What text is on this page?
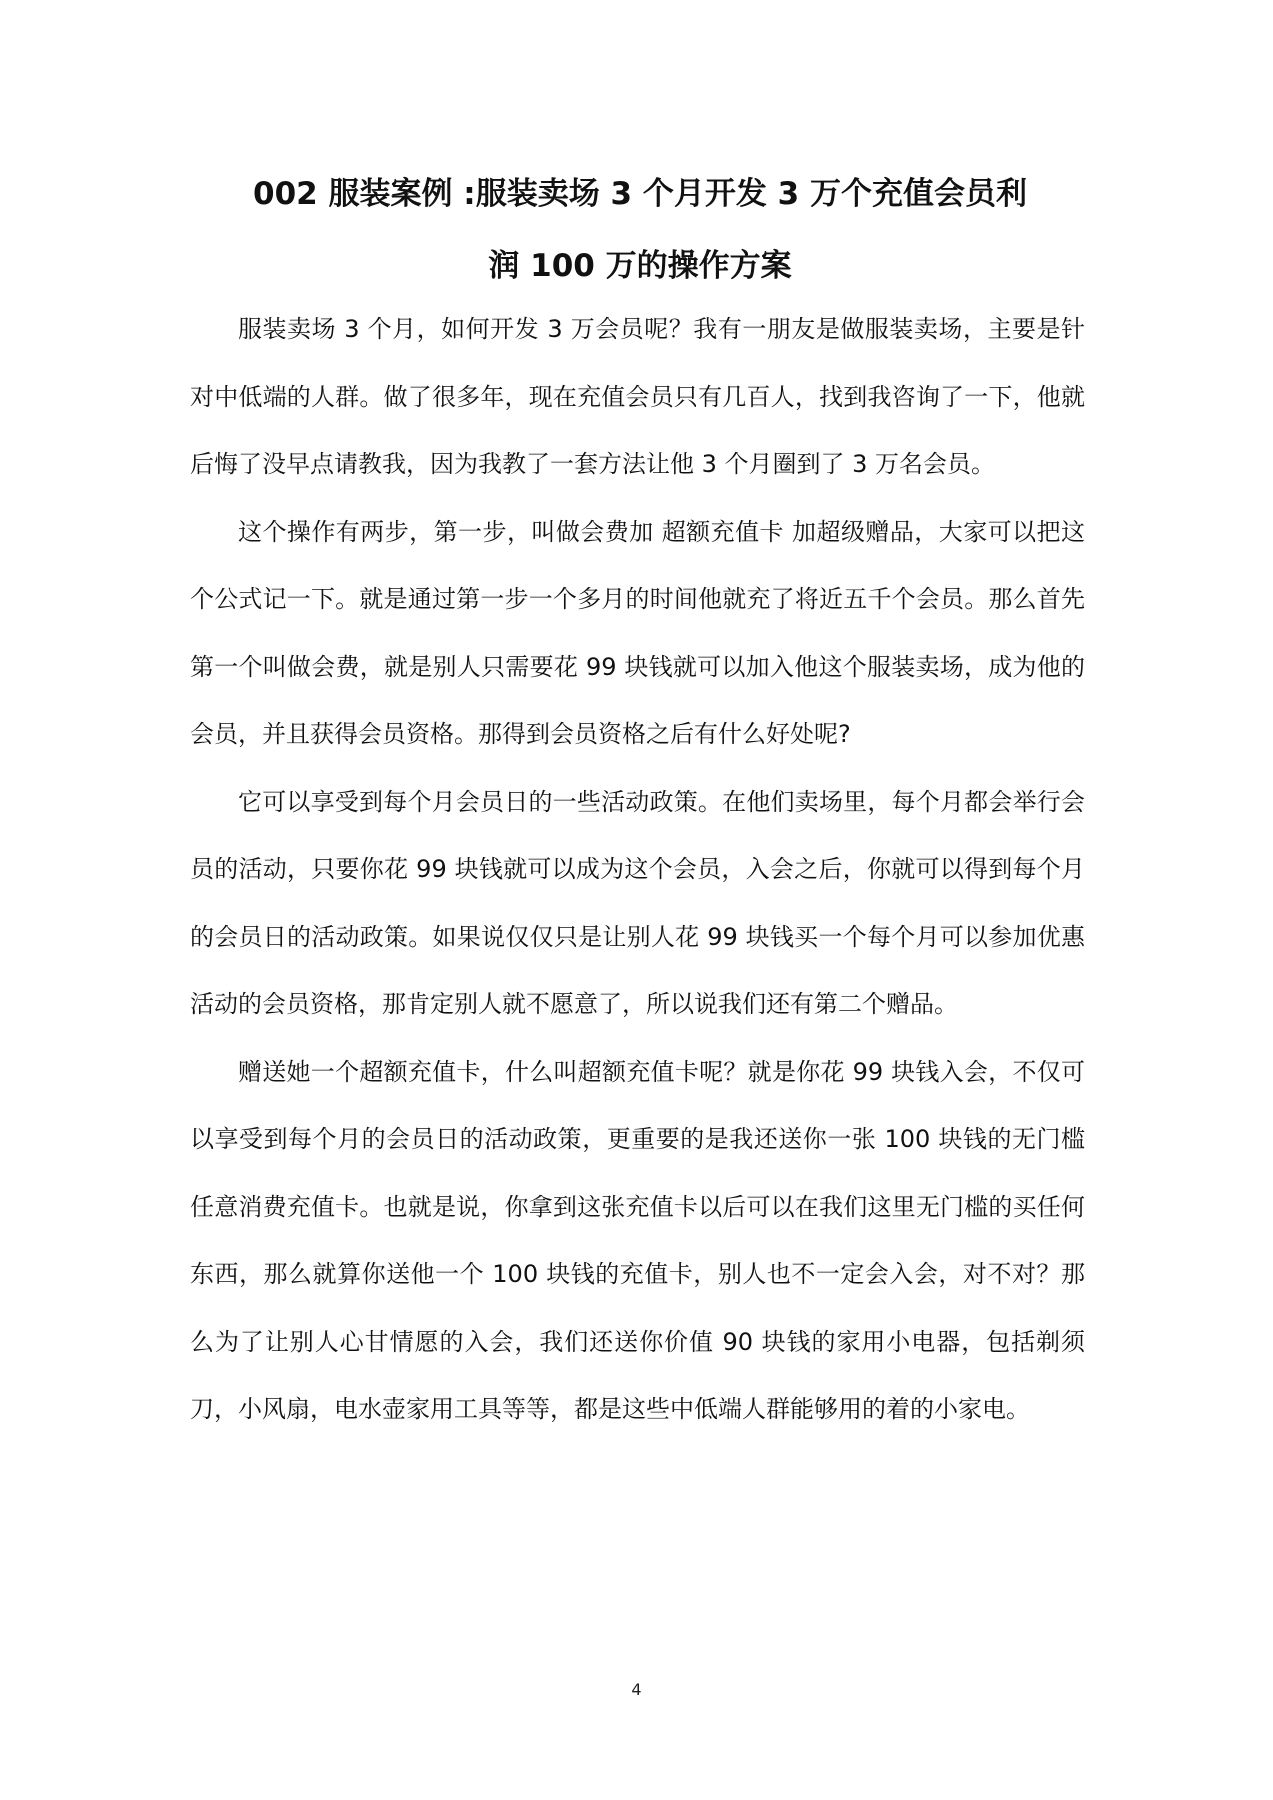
002 服装案例 :服装卖场 3 个月开发 3 万个充值会员利

润 100 万的操作方案

服装卖场 3 个月，如何开发 3 万会员呢？我有一朋友是做服装卖场，主要是针对中低端的人群。做了很多年，现在充值会员只有几百人，找到我咨询了一下，他就后悔了没早点请教我，因为我教了一套方法让他 3 个月圈到了 3 万名会员。

这个操作有两步，第一步，叫做会费加 超额充值卡 加超级赠品，大家可以把这个公式记一下。就是通过第一步一个多月的时间他就充了将近五千个会员。那么首先第一个叫做会费，就是别人只需要花 99 块钱就可以加入他这个服装卖场，成为他的会员，并且获得会员资格。那得到会员资格之后有什么好处呢?

它可以享受到每个月会员日的一些活动政策。在他们卖场里，每个月都会举行会员的活动，只要你花 99 块钱就可以成为这个会员，入会之后，你就可以得到每个月的会员日的活动政策。如果说仅仅只是让别人花 99 块钱买一个每个月可以参加优惠活动的会员资格，那肯定别人就不愿意了，所以说我们还有第二个赠品。

赠送她一个超额充值卡，什么叫超额充值卡呢？就是你花 99 块钱入会，不仅可以享受到每个月的会员日的活动政策，更重要的是我还送你一张 100 块钱的无门槛任意消费充值卡。也就是说，你拿到这张充值卡以后可以在我们这里无门槛的买任何东西，那么就算你送他一个 100 块钱的充值卡，别人也不一定会入会，对不对？那么为了让别人心甘情愿的入会，我们还送你价值 90 块钱的家用小电器，包括剃须刀，小风扇，电水壶家用工具等等，都是这些中低端人群能够用的着的小家电。

4
